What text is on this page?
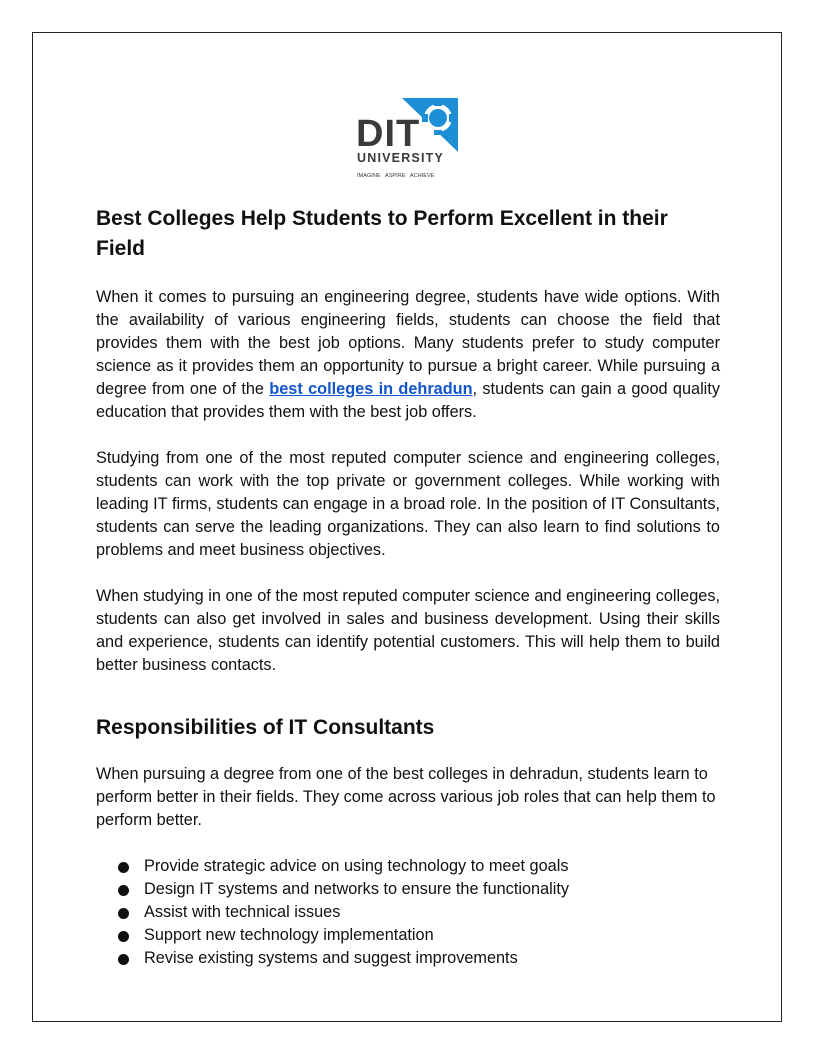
DIT
UNIVERSITY
IMAGINE   ASPIRE   ACHIEVE
Best Colleges Help Students to Perform Excellent in their Field

When it comes to pursuing an engineering degree, students have wide options. With the availability of various engineering fields, students can choose the field that provides them with the best job options. Many students prefer to study computer science as it provides them an opportunity to pursue a bright career. While pursuing a degree from one of the best colleges in dehradun, students can gain a good quality education that provides them with the best job offers.

Studying from one of the most reputed computer science and engineering colleges, students can work with the top private or government colleges. While working with leading IT firms, students can engage in a broad role. In the position of IT Consultants, students can serve the leading organizations. They can also learn to find solutions to problems and meet business objectives.

When studying in one of the most reputed computer science and engineering colleges, students can also get involved in sales and business development. Using their skills and experience, students can identify potential customers. This will help them to build better business contacts.

Responsibilities of IT Consultants

When pursuing a degree from one of the best colleges in dehradun, students learn to perform better in their fields. They come across various job roles that can help them to perform better.

Provide strategic advice on using technology to meet goals
Design IT systems and networks to ensure the functionality
Assist with technical issues
Support new technology implementation
Revise existing systems and suggest improvements
